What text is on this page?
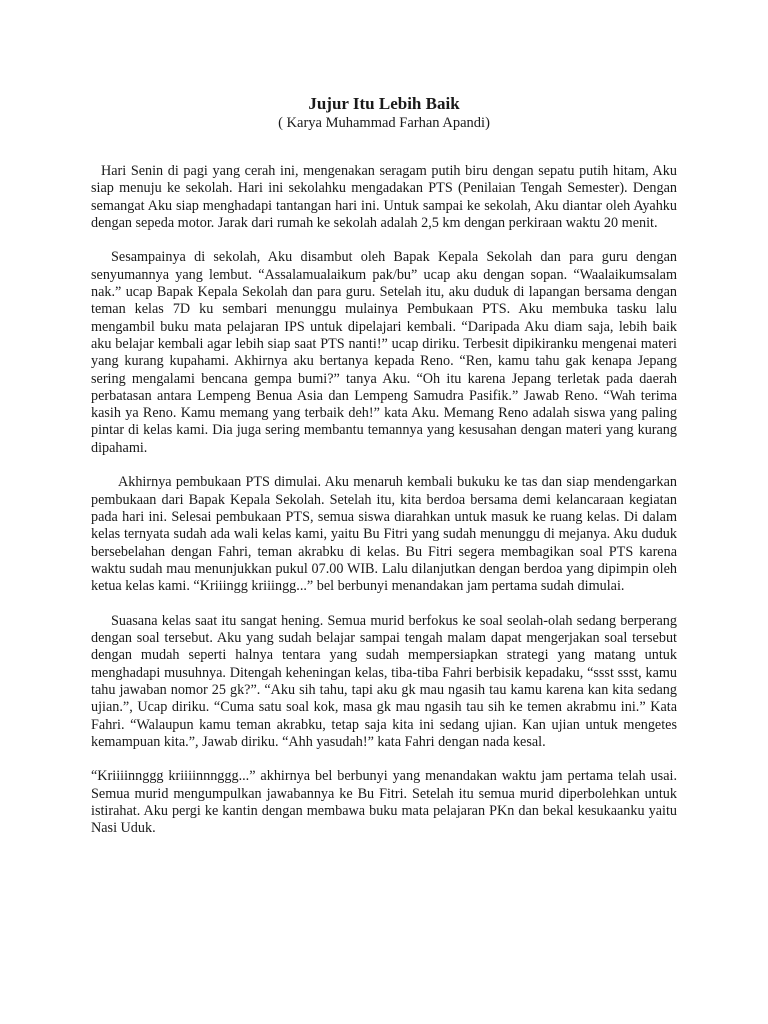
Jujur Itu Lebih Baik

( Karya Muhammad Farhan Apandi)

Hari Senin di pagi yang cerah ini, mengenakan seragam putih biru dengan sepatu putih hitam, Aku siap menuju ke sekolah. Hari ini sekolahku mengadakan PTS (Penilaian Tengah Semester). Dengan semangat Aku siap menghadapi tantangan hari ini. Untuk sampai ke sekolah, Aku diantar oleh Ayahku dengan sepeda motor. Jarak dari rumah ke sekolah adalah 2,5 km dengan perkiraan waktu 20 menit.

Sesampainya di sekolah, Aku disambut oleh Bapak Kepala Sekolah dan para guru dengan senyumannya yang lembut. “Assalamualaikum pak/bu” ucap aku dengan sopan. “Waalaikumsalam nak.” ucap Bapak Kepala Sekolah dan para guru. Setelah itu, aku duduk di lapangan bersama dengan teman kelas 7D ku sembari menunggu mulainya Pembukaan PTS. Aku membuka tasku lalu mengambil buku mata pelajaran IPS untuk dipelajari kembali. “Daripada Aku diam saja, lebih baik aku belajar kembali agar lebih siap saat PTS nanti!” ucap diriku. Terbesit dipikiranku mengenai materi yang kurang kupahami. Akhirnya aku bertanya kepada Reno. “Ren, kamu tahu gak kenapa Jepang sering mengalami bencana gempa bumi?” tanya Aku. “Oh itu karena Jepang terletak pada daerah perbatasan antara Lempeng Benua Asia dan Lempeng Samudra Pasifik.” Jawab Reno. “Wah terima kasih ya Reno. Kamu memang yang terbaik deh!” kata Aku. Memang Reno adalah siswa yang paling pintar di kelas kami. Dia juga sering membantu temannya yang kesusahan dengan materi yang kurang dipahami.

Akhirnya pembukaan PTS dimulai. Aku menaruh kembali bukuku ke tas dan siap mendengarkan pembukaan dari Bapak Kepala Sekolah. Setelah itu, kita berdoa bersama demi kelancaraan kegiatan pada hari ini. Selesai pembukaan PTS, semua siswa diarahkan untuk masuk ke ruang kelas. Di dalam kelas ternyata sudah ada wali kelas kami, yaitu Bu Fitri yang sudah menunggu di mejanya. Aku duduk bersebelahan dengan Fahri, teman akrabku di kelas. Bu Fitri segera membagikan soal PTS karena waktu sudah mau menunjukkan pukul 07.00 WIB. Lalu dilanjutkan dengan berdoa yang dipimpin oleh ketua kelas kami. “Kriiingg kriiingg...” bel berbunyi menandakan jam pertama sudah dimulai.

Suasana kelas saat itu sangat hening. Semua murid berfokus ke soal seolah-olah sedang berperang dengan soal tersebut. Aku yang sudah belajar sampai tengah malam dapat mengerjakan soal tersebut dengan mudah seperti halnya tentara yang sudah mempersiapkan strategi yang matang untuk menghadapi musuhnya. Ditengah keheningan kelas, tiba-tiba Fahri berbisik kepadaku, “ssst ssst, kamu tahu jawaban nomor 25 gk?”. “Aku sih tahu, tapi aku gk mau ngasih tau kamu karena kan kita sedang ujian.”, Ucap diriku. “Cuma satu soal kok, masa gk mau ngasih tau sih ke temen akrabmu ini.” Kata Fahri. “Walaupun kamu teman akrabku, tetap saja kita ini sedang ujian. Kan ujian untuk mengetes kemampuan kita.”, Jawab diriku. “Ahh yasudah!” kata Fahri dengan nada kesal.

“Kriiiinnggg kriiiinnnggg...” akhirnya bel berbunyi yang menandakan waktu jam pertama telah usai. Semua murid mengumpulkan jawabannya ke Bu Fitri. Setelah itu semua murid diperbolehkan untuk istirahat. Aku pergi ke kantin dengan membawa buku mata pelajaran PKn dan bekal kesukaanku yaitu Nasi Uduk.
